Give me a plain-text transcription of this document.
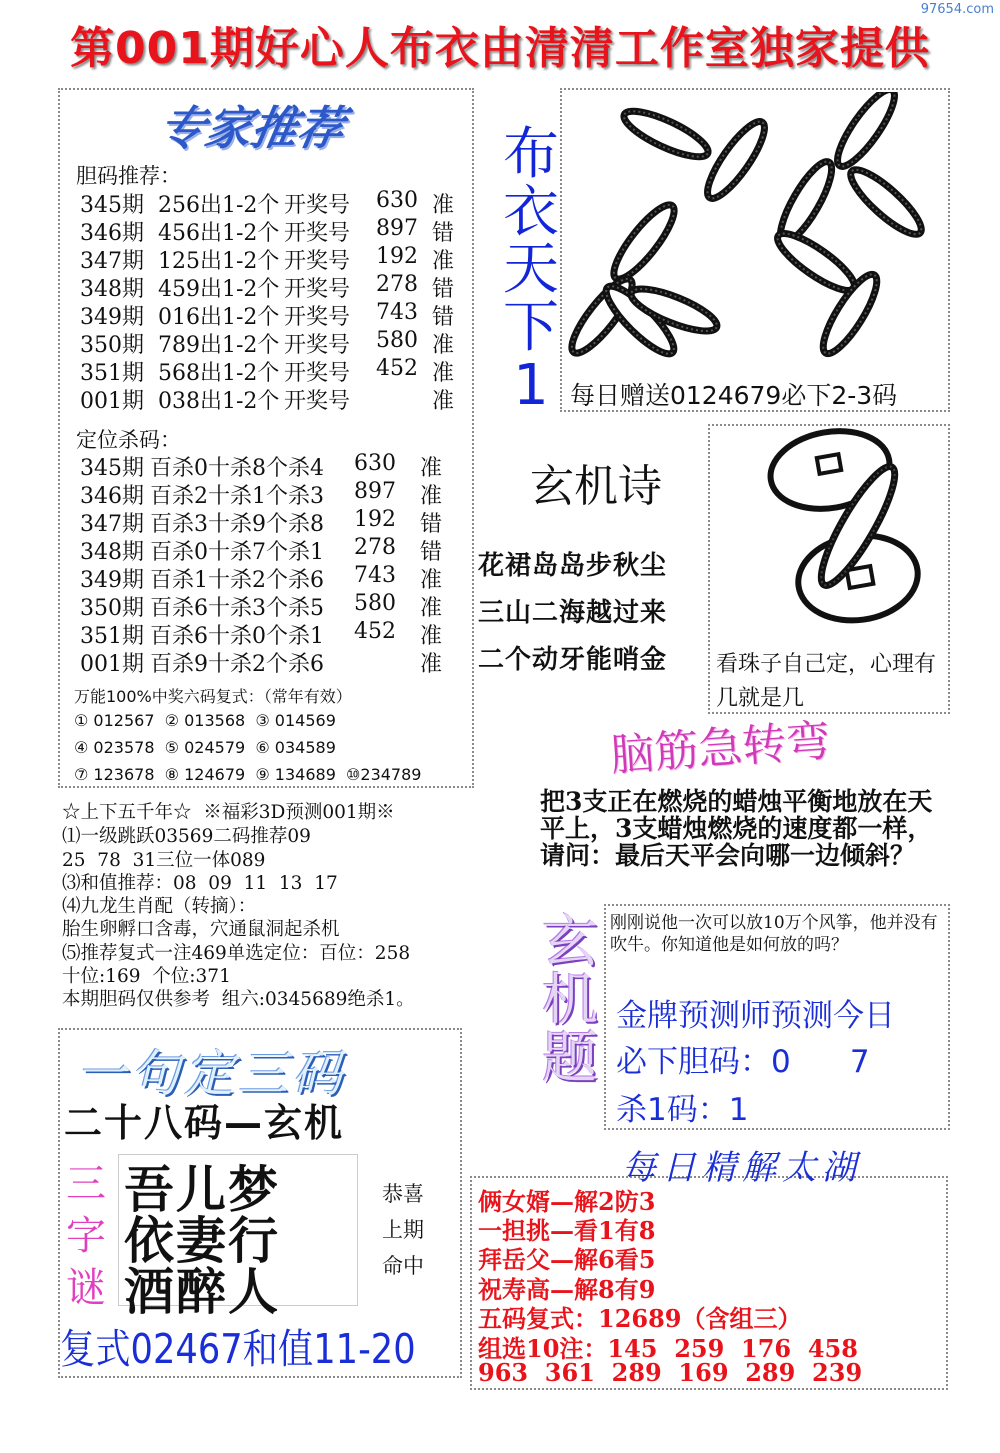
97654.com
第001期好心人布衣由清清工作室独家提供
专家推荐
胆码推荐：
345期 256出1-2个 开奖号 630 准
346期 456出1-2个 开奖号 897 错
347期 125出1-2个 开奖号 192 准
348期 459出1-2个 开奖号 278 错
349期 016出1-2个 开奖号 743 错
350期 789出1-2个 开奖号 580 准
351期 568出1-2个 开奖号 452 准
001期 038出1-2个 开奖号	准
定位杀码：
345期 百杀0十杀8个杀4 630 准
346期 百杀2十杀1个杀3 897 准
347期 百杀3十杀9个杀8 192 错
348期 百杀0十杀7个杀1 278 错
349期 百杀1十杀2个杀6 743 准
350期 百杀6十杀3个杀5 580 准
351期 百杀6十杀0个杀1 452 准
001期 百杀9十杀2个杀6	准
万能100%中奖六码复式：（常年有效）
① 012567  ② 013568  ③ 014569
④ 023578  ⑤ 024579  ⑥ 034589
⑦ 123678  ⑧ 124679  ⑨ 134689  ⑩234789
☆上下五千年☆  ※福彩3D预测001期※
⑴一级跳跃03569二码推荐09
25  78  31三位一体089
⑶和值推荐：08  09  11  13  17
⑷九龙生肖配（转摘）：
胎生卵孵口含毒，穴通鼠洞起杀机
⑸推荐复式一注469单选定位：百位：258
十位:169  个位:371
本期胆码仅供参考  组六:0345689绝杀1。
布
衣
天
下
1 每日赠送0124679必下2-3码
玄机诗
花裙岛岛步秋尘
三山二海越过来
二个动牙能哨金 看珠子自己定，心理有几就是几
脑筋急转弯
把3支正在燃烧的蜡烛平衡地放在天平上，3支蜡烛燃烧的速度都一样，请问：最后天平会向哪一边倾斜？
玄
机
题
刚刚说他一次可以放10万个风筝，他并没有吹牛。你知道他是如何放的吗？
金牌预测师预测今日
必下胆码：0      7
杀1码：1
每日精解太湖
俩女婿—解2防3
一担挑—看1有8
拜岳父—解6看5
祝寿高—解8有9
五码复式：12689（含组三）
组选10注：145  259  176  458
963  361  289  169  289  239
一句定三码
二十八码—玄机
三
字
谜
吾儿梦
依妻行
酒醉人
恭喜
上期
命中
复式02467和值11-20
